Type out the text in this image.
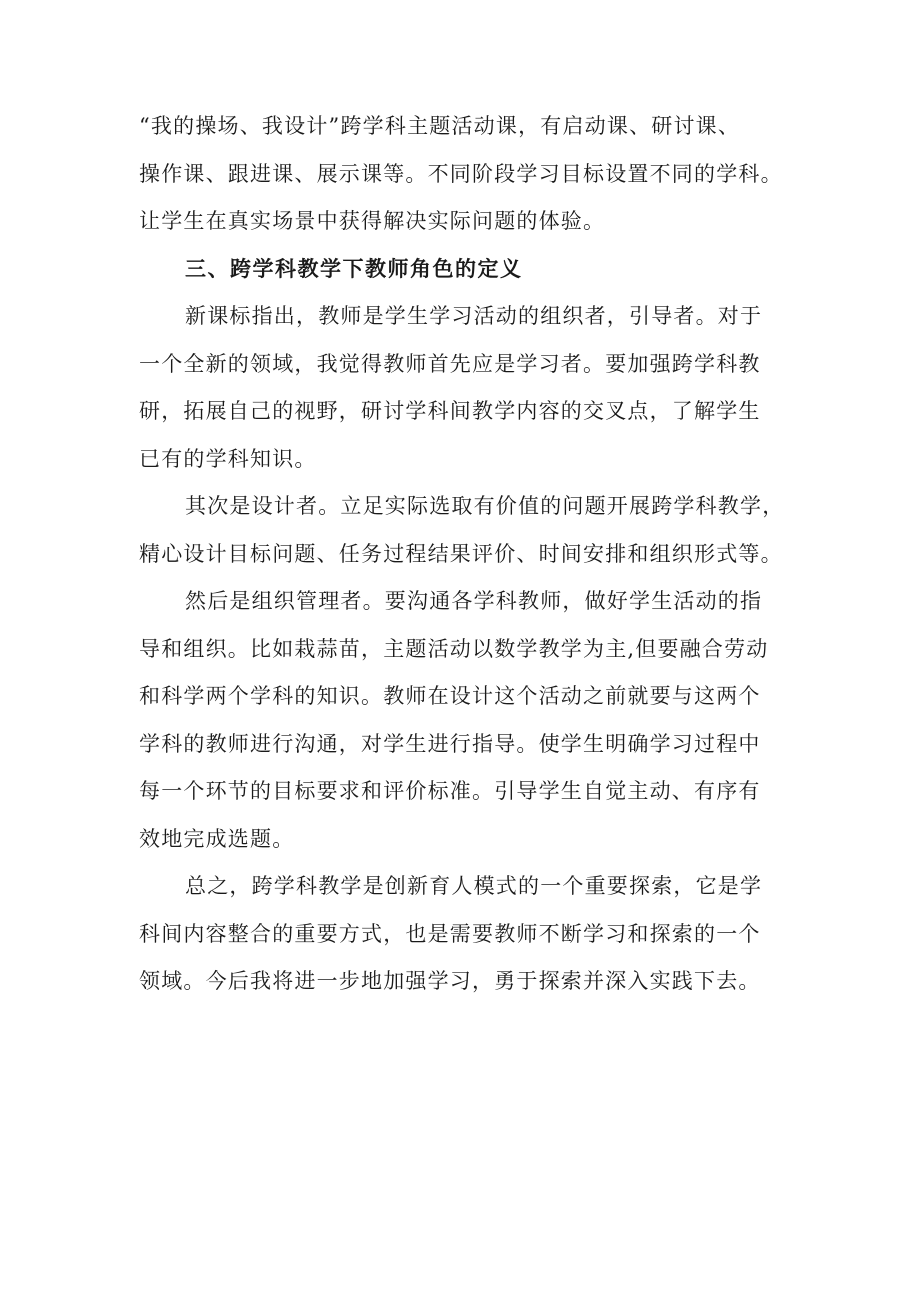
“我的操场、我设计”跨学科主题活动课，有启动课、研讨课、
操作课、跟进课、展示课等。不同阶段学习目标设置不同的学科。
让学生在真实场景中获得解决实际问题的体验。
三、跨学科教学下教师角色的定义
新课标指出，教师是学生学习活动的组织者，引导者。对于
一个全新的领域，我觉得教师首先应是学习者。要加强跨学科教
研，拓展自己的视野，研讨学科间教学内容的交叉点，了解学生
已有的学科知识。
其次是设计者。立足实际选取有价值的问题开展跨学科教学，
精心设计目标问题、任务过程结果评价、时间安排和组织形式等。
然后是组织管理者。要沟通各学科教师，做好学生活动的指
导和组织。比如栽蒜苗，主题活动以数学教学为主,但要融合劳动
和科学两个学科的知识。教师在设计这个活动之前就要与这两个
学科的教师进行沟通，对学生进行指导。使学生明确学习过程中
每一个环节的目标要求和评价标准。引导学生自觉主动、有序有
效地完成选题。
总之，跨学科教学是创新育人模式的一个重要探索，它是学
科间内容整合的重要方式，也是需要教师不断学习和探索的一个
领域。今后我将进一步地加强学习，勇于探索并深入实践下去。
